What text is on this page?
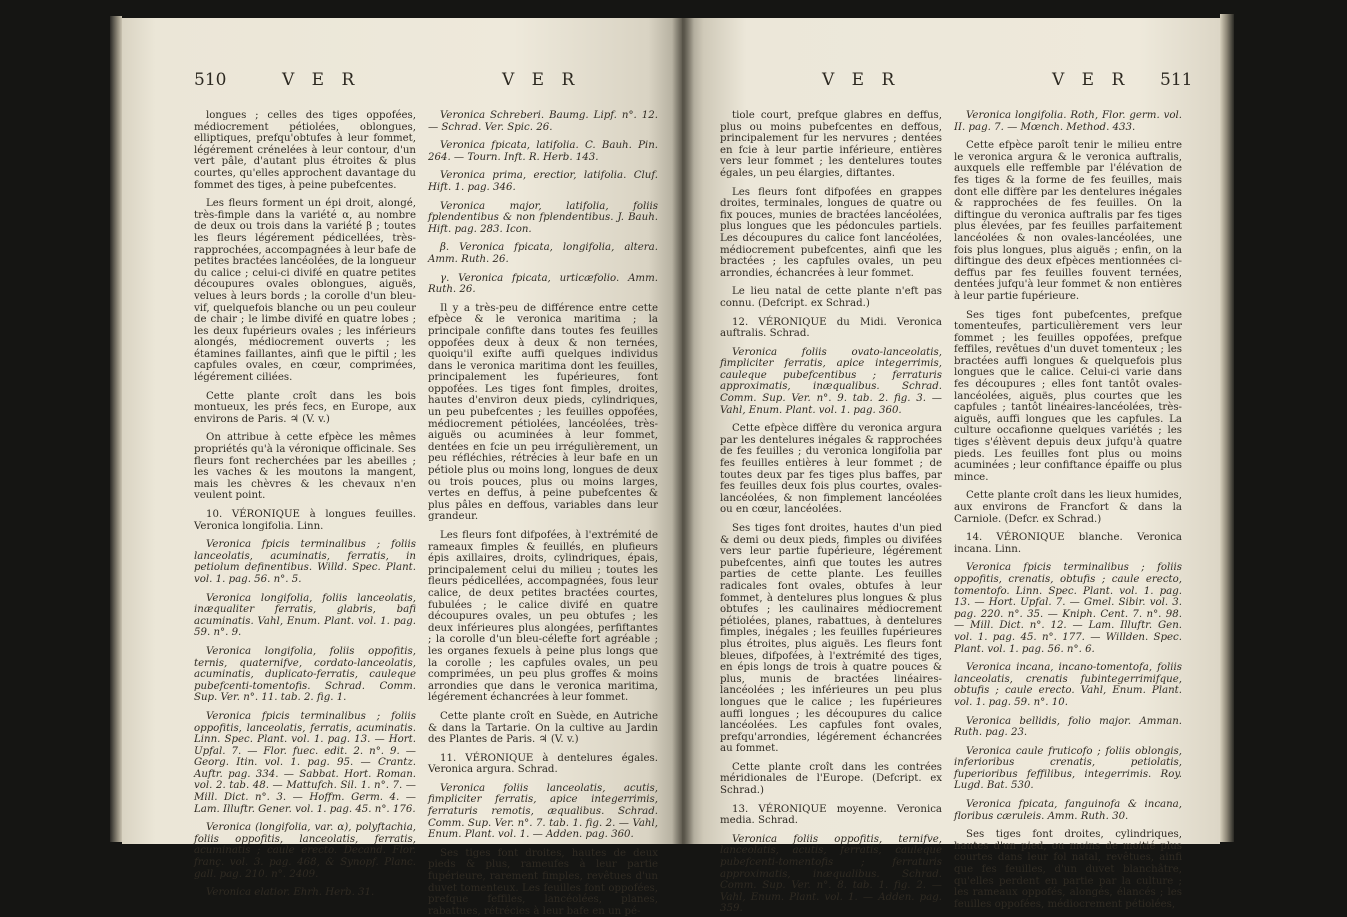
510	V E R	V E R

longues ; celles des tiges oppofées, médiocrement pétiolées, oblongues, elliptiques, prefqu'obtufes à leur fommet, légérement crénelées à leur contour, d'un vert pâle, d'autant plus étroites & plus courtes, qu'elles approchent davantage du fommet des tiges, à peine pubefcentes.

Les fleurs forment un épi droit, alongé, très-fimple dans la variété α, au nombre de deux ou trois dans la variété β ; toutes les fleurs légérement pédicellées, très-rapprochées, accompagnées à leur bafe de petites bractées lancéolées, de la longueur du calice ; celui-ci divifé en quatre petites découpures ovales oblongues, aiguës, velues à leurs bords ; la corolle d'un bleu-vif, quelquefois blanche ou un peu couleur de chair ; le limbe divifé en quatre lobes ; les deux fupérieurs ovales ; les inférieurs alongés, médiocrement ouverts ; les étamines faillantes, ainfi que le piftil ; les capfules ovales, en cœur, comprimées, légérement ciliées.

Cette plante croît dans les bois montueux, les prés fecs, en Europe, aux environs de Paris. ♃ (V. v.)

On attribue à cette efpèce les mêmes propriétés qu'à la véronique officinale. Ses fleurs font recherchées par les abeilles ; les vaches & les moutons la mangent, mais les chèvres & les chevaux n'en veulent point.

10. VÉRONIQUE à longues feuilles. Veronica longifolia. Linn.

Veronica fpicis terminalibus ; foliis lanceolatis, acuminatis, ferratis, in petiolum definentibus. Willd. Spec. Plant. vol. 1. pag. 56. n°. 5.

Veronica longifolia, foliis lanceolatis, inæqualiter ferratis, glabris, bafi acuminatis. Vahl, Enum. Plant. vol. 1. pag. 59. n°. 9.

Veronica longifolia, foliis oppofitis, ternis, quaternifve, cordato-lanceolatis, acuminatis, duplicato-ferratis, cauleque pubefcenti-tomentofis. Schrad. Comm. Sup. Ver. n°. 11. tab. 2. fig. 1.

Veronica fpicis terminalibus ; foliis oppofitis, lanceolatis, ferratis, acuminatis. Linn. Spec. Plant. vol. 1. pag. 13. — Hort. Upfal. 7. — Flor. fuec. edit. 2. n°. 9. — Georg. Itin. vol. 1. pag. 95. — Crantz. Auftr. pag. 334. — Sabbat. Hort. Roman. vol. 2. tab. 48. — Mattufch. Sil. 1. n°. 7. — Mill. Dict. n°. 3. — Hoffm. Germ. 4. — Lam. Illuftr. Gener. vol. 1. pag. 45. n°. 176.

Veronica (longifolia, var. α), polyftachia, foliis oppofitis, lanceolatis, ferratis, acuminatis ; caule erecto. Decand. Flor. franç. vol. 3. pag. 468, & Synopf. Planc. gall. pag. 210. n°. 2409.

Veronica elatior. Ehrh. Herb. 31.

Veronica Schreberi. Baumg. Lipf. n°. 12. — Schrad. Ver. Spic. 26.

Veronica fpicata, latifolia. C. Bauh. Pin. 264. — Tourn. Inft. R. Herb. 143.

Veronica prima, erectior, latifolia. Cluf. Hift. 1. pag. 346.

Veronica major, latifolia, foliis fplendentibus & non fplendentibus. J. Bauh. Hift. pag. 283. Icon.

β. Veronica fpicata, longifolia, altera. Amm. Ruth. 26.

γ. Veronica fpicata, urticæfolio. Amm. Ruth. 26.

Il y a très-peu de différence entre cette efpèce & le veronica maritima ; la principale confifte dans toutes fes feuilles oppofées deux à deux & non ternées, quoiqu'il exifte auffi quelques individus dans le veronica maritima dont les feuilles, principalement les fupérieures, font oppofées. Les tiges font fimples, droites, hautes d'environ deux pieds, cylindriques, un peu pubefcentes ; les feuilles oppofées, médiocrement pétiolées, lancéolées, très-aiguës ou acuminées à leur fommet, dentées en fcie un peu irrégulièrement, un peu réfléchies, rétrécies à leur bafe en un pétiole plus ou moins long, longues de deux ou trois pouces, plus ou moins larges, vertes en deffus, à peine pubefcentes & plus pâles en deffous, variables dans leur grandeur.

Les fleurs font difpofées, à l'extrémité de rameaux fimples & feuillés, en plufieurs épis axillaires, droits, cylindriques, épais, principalement celui du milieu ; toutes les fleurs pédicellées, accompagnées, fous leur calice, de deux petites bractées courtes, fubulées ; le calice divifé en quatre découpures ovales, un peu obtufes ; les deux inférieures plus alongées, perfiftantes ; la corolle d'un bleu-célefte fort agréable ; les organes fexuels à peine plus longs que la corolle ; les capfules ovales, un peu comprimées, un peu plus groffes & moins arrondies que dans le veronica maritima, légérement échancrées à leur fommet.

Cette plante croît en Suède, en Autriche & dans la Tartarie. On la cultive au Jardin des Plantes de Paris. ♃ (V. v.)

11. VÉRONIQUE à dentelures égales. Veronica argura. Schrad.

Veronica foliis lanceolatis, acutis, fimpliciter ferratis, apice integerrimis, ferraturis remotis, æqualibus. Schrad. Comm. Sup. Ver. n°. 7. tab. 1. fig. 2. — Vahl, Enum. Plant. vol. 1. — Adden. pag. 360.

Ses tiges font droites, hautes de deux pieds & plus, rameufes à leur partie fupérieure, rarement fimples, revêtues d'un duvet tomenteux. Les feuilles font oppofées, prefque feffiles, lancéolées, planes, rabattues, rétrécies à leur bafe en un pé-

V E R	V E R 511

tiole court, prefque glabres en deffus, plus ou moins pubefcentes en deffous, principalement fur les nervures ; dentées en fcie à leur partie inférieure, entières vers leur fommet ; les dentelures toutes égales, un peu élargies, diftantes.

Les fleurs font difpofées en grappes droites, terminales, longues de quatre ou fix pouces, munies de bractées lancéolées, plus longues que les pédoncules partiels. Les découpures du calice font lancéolées, médiocrement pubefcentes, ainfi que les bractées ; les capfules ovales, un peu arrondies, échancrées à leur fommet.

Le lieu natal de cette plante n'eft pas connu. (Defcript. ex Schrad.)

12. VÉRONIQUE du Midi. Veronica auftralis. Schrad.

Veronica foliis ovato-lanceolatis, fimpliciter ferratis, apice integerrimis, cauleque pubefcentibus ; ferraturis approximatis, inæqualibus. Schrad. Comm. Sup. Ver. n°. 9. tab. 2. fig. 3. — Vahl, Enum. Plant. vol. 1. pag. 360.

Cette efpèce diffère du veronica argura par les dentelures inégales & rapprochées de fes feuilles ; du veronica longifolia par fes feuilles entières à leur fommet ; de toutes deux par fes tiges plus baffes, par fes feuilles deux fois plus courtes, ovales-lancéolées, & non fimplement lancéolées ou en cœur, lancéolées.

Ses tiges font droites, hautes d'un pied & demi ou deux pieds, fimples ou divifées vers leur partie fupérieure, légérement pubefcentes, ainfi que toutes les autres parties de cette plante. Les feuilles radicales font ovales, obtufes à leur fommet, à dentelures plus longues & plus obtufes ; les caulinaires médiocrement pétiolées, planes, rabattues, à dentelures fimples, inégales ; les feuilles fupérieures plus étroites, plus aiguës. Les fleurs font bleues, difpofées, à l'extrémité des tiges, en épis longs de trois à quatre pouces & plus, munis de bractées linéaires-lancéolées ; les inférieures un peu plus longues que le calice ; les fupérieures auffi longues ; les découpures du calice lancéolées. Les capfules font ovales, prefqu'arrondies, légérement échancrées au fommet.

Cette plante croît dans les contrées méridionales de l'Europe. (Defcript. ex Schrad.)

13. VÉRONIQUE moyenne. Veronica media. Schrad.

Veronica foliis oppofitis, ternifve, lanceolatis, acutis, ferratis, cauleque pubefcenti-tomentofis ; ferraturis approximatis, inæqualibus. Schrad. Comm. Sup. Ver. n°. 8. tab. 1. fig. 2. — Vahl, Enum. Plant. vol. 1. — Adden. pag. 359.

Veronica longifolia. Roth, Flor. germ. vol. II. pag. 7. — Mœnch. Method. 433.

Cette efpèce paroît tenir le milieu entre le veronica argura & le veronica auftralis, auxquels elle reffemble par l'élévation de fes tiges & la forme de fes feuilles, mais dont elle diffère par les dentelures inégales & rapprochées de fes feuilles. On la diftingue du veronica auftralis par fes tiges plus élevées, par fes feuilles parfaitement lancéolées & non ovales-lancéolées, une fois plus longues, plus aiguës ; enfin, on la diftingue des deux efpèces mentionnées ci-deffus par fes feuilles fouvent ternées, dentées jufqu'à leur fommet & non entières à leur partie fupérieure.

Ses tiges font pubefcentes, prefque tomenteufes, particulièrement vers leur fommet ; les feuilles oppofées, prefque feffiles, revêtues d'un duvet tomenteux ; les bractées auffi longues & quelquefois plus longues que le calice. Celui-ci varie dans fes découpures ; elles font tantôt ovales-lancéolées, aiguës, plus courtes que les capfules ; tantôt linéaires-lancéolées, très-aiguës, auffi longues que les capfules. La culture occafionne quelques variétés ; les tiges s'élèvent depuis deux jufqu'à quatre pieds. Les feuilles font plus ou moins acuminées ; leur confiftance épaiffe ou plus mince.

Cette plante croît dans les lieux humides, aux environs de Francfort & dans la Carniole. (Defcr. ex Schrad.)

14. VÉRONIQUE blanche. Veronica incana. Linn.

Veronica fpicis terminalibus ; foliis oppofitis, crenatis, obtufis ; caule erecto, tomentofo. Linn. Spec. Plant. vol. 1. pag. 13. — Hort. Upfal. 7. — Gmel. Sibir. vol. 3. pag. 220. n°. 35. — Kniph. Cent. 7. n°. 98. — Mill. Dict. n°. 12. — Lam. Illuftr. Gen. vol. 1. pag. 45. n°. 177. — Willden. Spec. Plant. vol. 1. pag. 56. n°. 6.

Veronica incana, incano-tomentofa, foliis lanceolatis, crenatis fubintegerrimifque, obtufis ; caule erecto. Vahl, Enum. Plant. vol. 1. pag. 59. n°. 10.

Veronica bellidis, folio major. Amman. Ruth. pag. 23.

Veronica caule fruticofo ; foliis oblongis, inferioribus crenatis, petiolatis, fuperioribus feffilibus, integerrimis. Roy. Lugd. Bat. 530.

Veronica fpicata, fanguinofa & incana, floribus cæruleis. Amm. Ruth. 30.

Ses tiges font droites, cylindriques, hautes d'un pied, ou moins de moitié plus courtes dans leur fol natal, revêtues, ainfi que fes feuilles, d'un duvet blanchâtre, qu'elles perdent en partie par la culture ; les rameaux oppofés, alongés, élancés ; les feuilles oppofées, médiocrement pétiolées,
